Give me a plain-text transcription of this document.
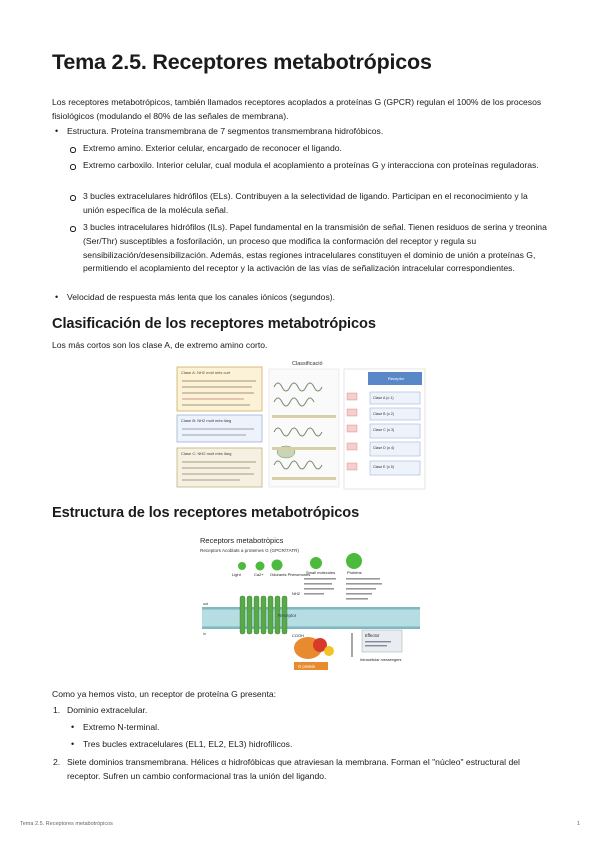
Tema 2.5. Receptores metabotrópicos

Los receptores metabotrópicos, también llamados receptores acoplados a proteínas G (GPCR) regulan el 100% de los procesos fisiológicos (modulando el 80% de las señales de membrana).

• Estructura. Proteína transmembrana de 7 segmentos transmembrana hidrofóbicos.
Extremo amino. Exterior celular, encargado de reconocer el ligando.
Extremo carboxilo. Interior celular, cual modula el acoplamiento a proteínas G y interacciona con proteínas reguladoras.
3 bucles extracelulares hidrófilos (ELs). Contribuyen a la selectividad de ligando. Participan en el reconocimiento y la unión específica de la molécula señal.
3 bucles intracelulares hidrófilos (ILs). Papel fundamental en la transmisión de señal. Tienen residuos de serina y treonina (Ser/Thr) susceptibles a fosforilación, un proceso que modifica la conformación del receptor y regula su sensibilización/desensibilización. Además, estas regiones intracelulares constituyen el dominio de unión a proteínas G, permitiendo el acoplamiento del receptor y la activación de las vías de señalización intracelular correspondientes.
• Velocidad de respuesta más lenta que los canales iónicos (segundos).
Clasificación de los receptores metabotrópicos

Los más cortos son los clase A, de extremo amino corto.

Classificació
Clase A: NH2 molt més curt
Clase B: NH2 molt més llarg
Clase C: NH2 molt més llarg
Receptor
Clase A (o 1)
Clase B (o 2)
Clase C (o 3)
Clase D (o 4)
Clase E (o 5)
Estructura de los receptores metabotrópicos
Receptors metabotròpics
Receptors Acoblats a proteïnes G (GPCR/7ATR)
Light	Ca2+ Odorants Pheromones
Small molecules	Proteins
out
in
Receptor
NH2
COOH
G protein
Effector
Intracellular messengers

Como ya hemos visto, un receptor de proteína G presenta:

1. Dominio extracelular.
• Extremo N-terminal.
• Tres bucles extracelulares (EL1, EL2, EL3) hidrofílicos.
2. Siete dominios transmembrana. Hélices α hidrofóbicas que atraviesan la membrana. Forman el "núcleo" estructural del receptor. Sufren un cambio conformacional tras la unión del ligando.
Tema 2.5. Receptores metabotrópicos	1
